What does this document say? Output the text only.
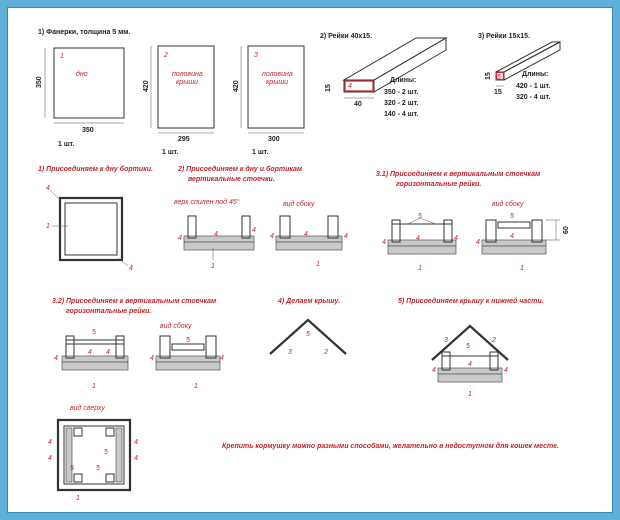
1) Фанерки, толщина 5 мм.
1
дно
350
350
1 шт.
2
половина
крыши
420
295
1 шт.
3
половина
крыши
420
300
1 шт.
2) Рейки 40х15.
4
15
40
Длины:
350 - 2 шт.
320 - 2 шт.
140 - 4 шт.
3) Рейки 15х15.
5
15
15
Длины:
420 - 1 шт.
320 - 4 шт.
1) Присоединяем к дну бортики.
4
1
4
2) Присоединяем к дну и бортикам
вертикальные стоечки.
верх спилен под 45°	вид сбоку
1
4
4
4
4	4	4
1
3.1) Присоединяем к вертикальным стоечкам
горизонтальные рейки.
вид сбоку
5
4
4	4
1
5
4
4
1
60
3.2) Присоединяем к вертикальным стоечкам
горизонтальные рейки.
вид сбоку
5
4
4 4
1
4
5
4
1
4) Делаем крышу.
5
3	2
5) Присоединяем крышу к нижней части.
3	2
5
4
4
4
1
вид сверху
4
4
4
4
5
5
5
1
Крепить кормушку можно разными способами, желательно в недоступном для кошек месте.
